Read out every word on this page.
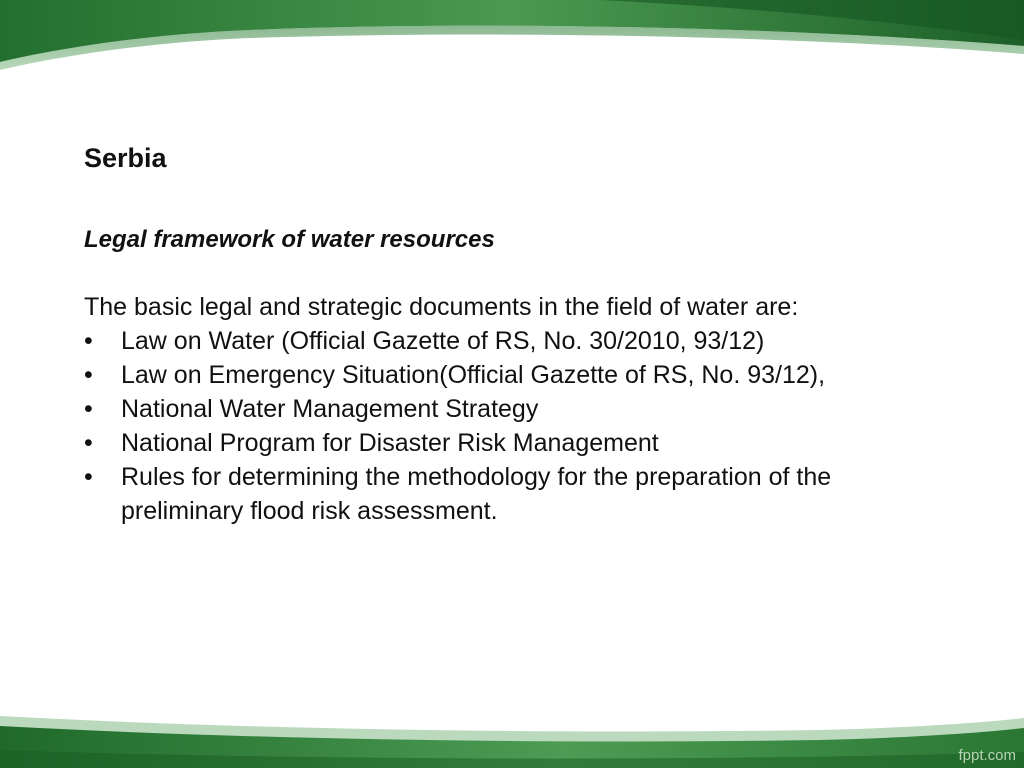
Serbia
Legal framework of water resources
The basic legal and strategic documents in the field of water are:
•	Law on Water (Official Gazette of RS, No. 30/2010, 93/12)
•	Law on Emergency Situation(Official Gazette of RS, No. 93/12),
•	National Water Management Strategy
•	National Program for Disaster Risk Management
•	Rules for determining the methodology for the preparation of the preliminary flood risk assessment.
fppt.com
